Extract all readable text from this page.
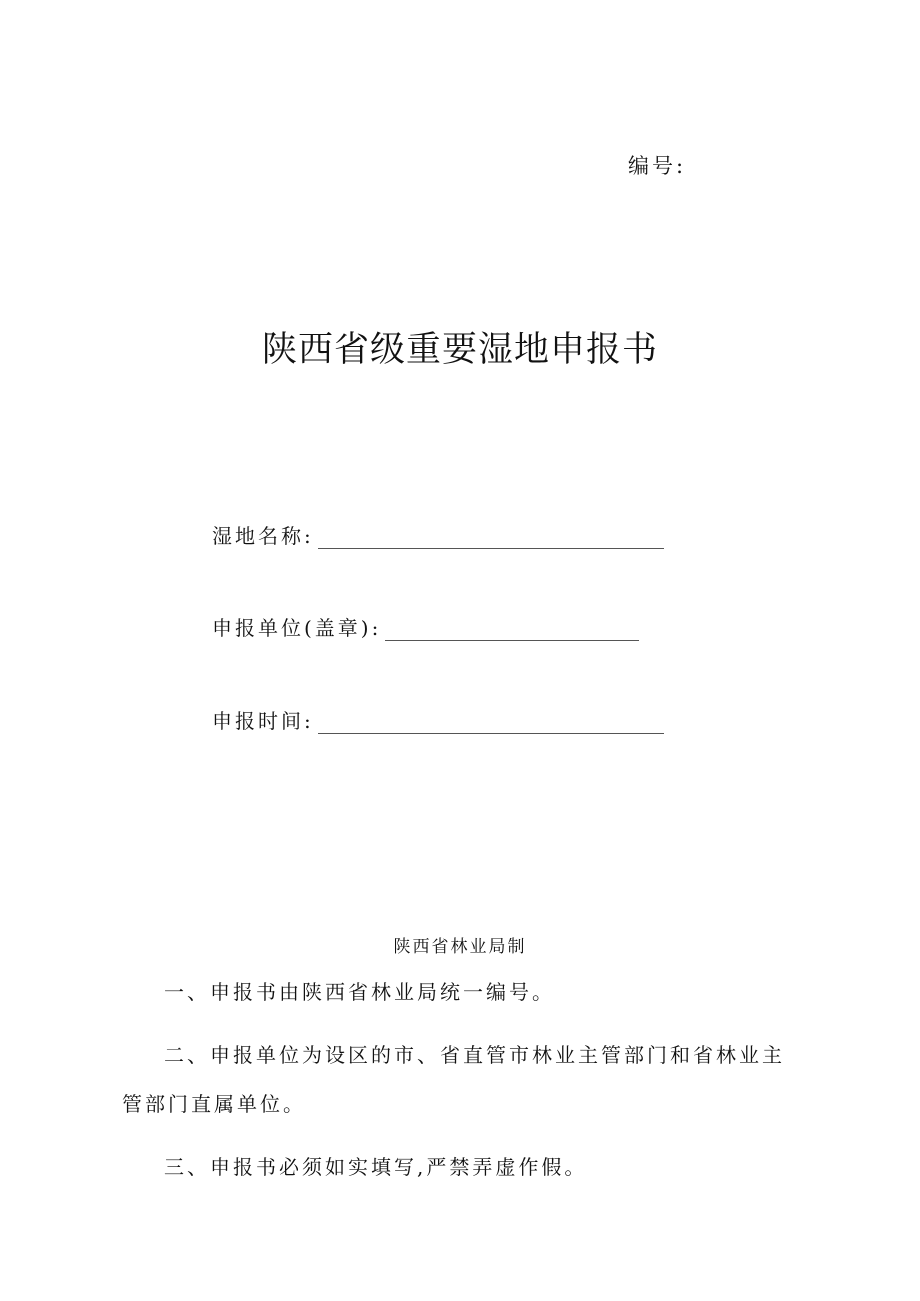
编号:
陕西省级重要湿地申报书
湿地名称:
申报单位(盖章):
申报时间:
陕西省林业局制

一、申报书由陕西省林业局统一编号。

二、申报单位为设区的市、省直管市林业主管部门和省林业主管部门直属单位。

三、申报书必须如实填写,严禁弄虚作假。
